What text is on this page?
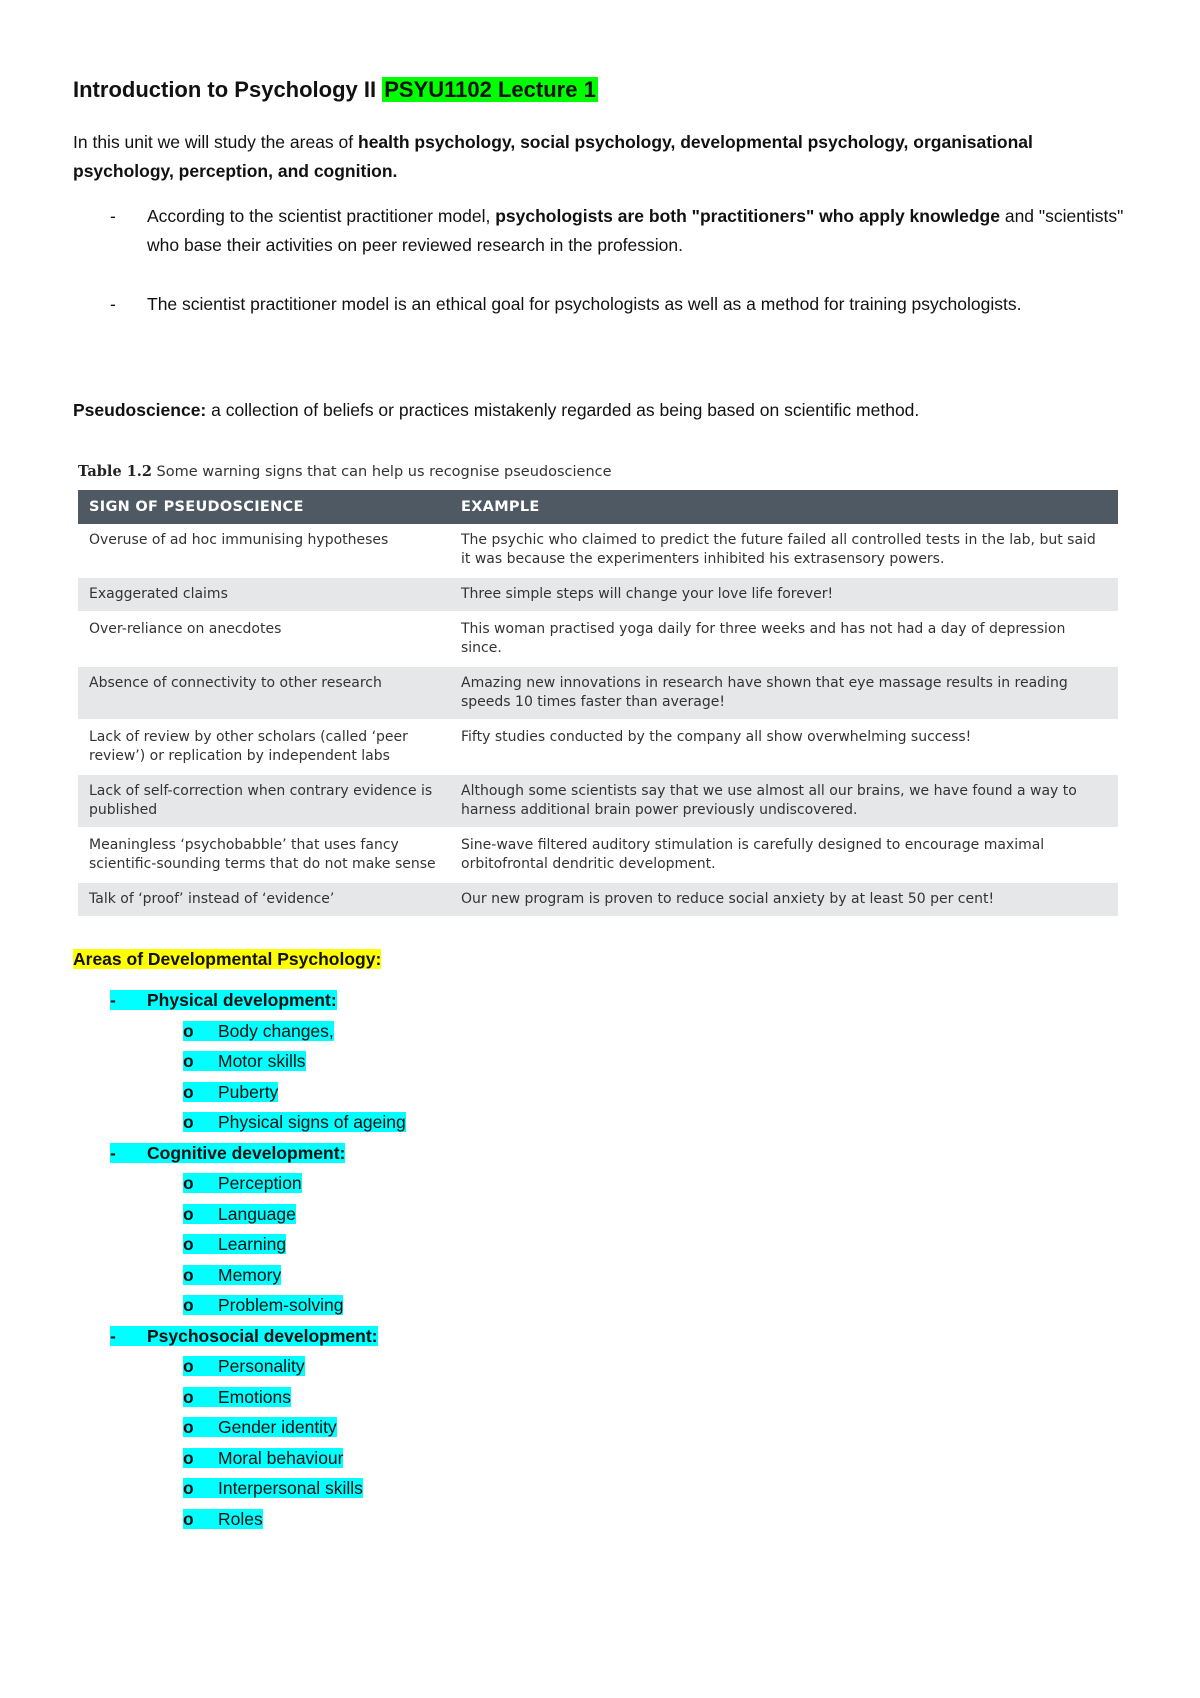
Introduction to Psychology II PSYU1102 Lecture 1
In this unit we will study the areas of health psychology, social psychology, developmental psychology, organisational psychology, perception, and cognition.
- According to the scientist practitioner model, psychologists are both "practitioners" who apply knowledge and "scientists" who base their activities on peer reviewed research in the profession.
- The scientist practitioner model is an ethical goal for psychologists as well as a method for training psychologists.
Pseudoscience: a collection of beliefs or practices mistakenly regarded as being based on scientific method.
Table 1.2 Some warning signs that can help us recognise pseudoscience
SIGN OF PSEUDOSCIENCE	EXAMPLE
Overuse of ad hoc immunising hypotheses	The psychic who claimed to predict the future failed all controlled tests in the lab, but said it was because the experimenters inhibited his extrasensory powers.
Exaggerated claims	Three simple steps will change your love life forever!
Over-reliance on anecdotes	This woman practised yoga daily for three weeks and has not had a day of depression since.
Absence of connectivity to other research	Amazing new innovations in research have shown that eye massage results in reading speeds 10 times faster than average!
Lack of review by other scholars (called ‘peer review’) or replication by independent labs	Fifty studies conducted by the company all show overwhelming success!
Lack of self-correction when contrary evidence is published	Although some scientists say that we use almost all our brains, we have found a way to harness additional brain power previously undiscovered.
Meaningless ‘psychobabble’ that uses fancy scientific-sounding terms that do not make sense	Sine-wave filtered auditory stimulation is carefully designed to encourage maximal orbitofrontal dendritic development.
Talk of ‘proof’ instead of ‘evidence’	Our new program is proven to reduce social anxiety by at least 50 per cent!
Areas of Developmental Psychology:
- Physical development:
o Body changes,
o Motor skills
o Puberty
o Physical signs of ageing
- Cognitive development:
o Perception
o Language
o Learning
o Memory
o Problem-solving
- Psychosocial development:
o Personality
o Emotions
o Gender identity
o Moral behaviour
o Interpersonal skills
o Roles
